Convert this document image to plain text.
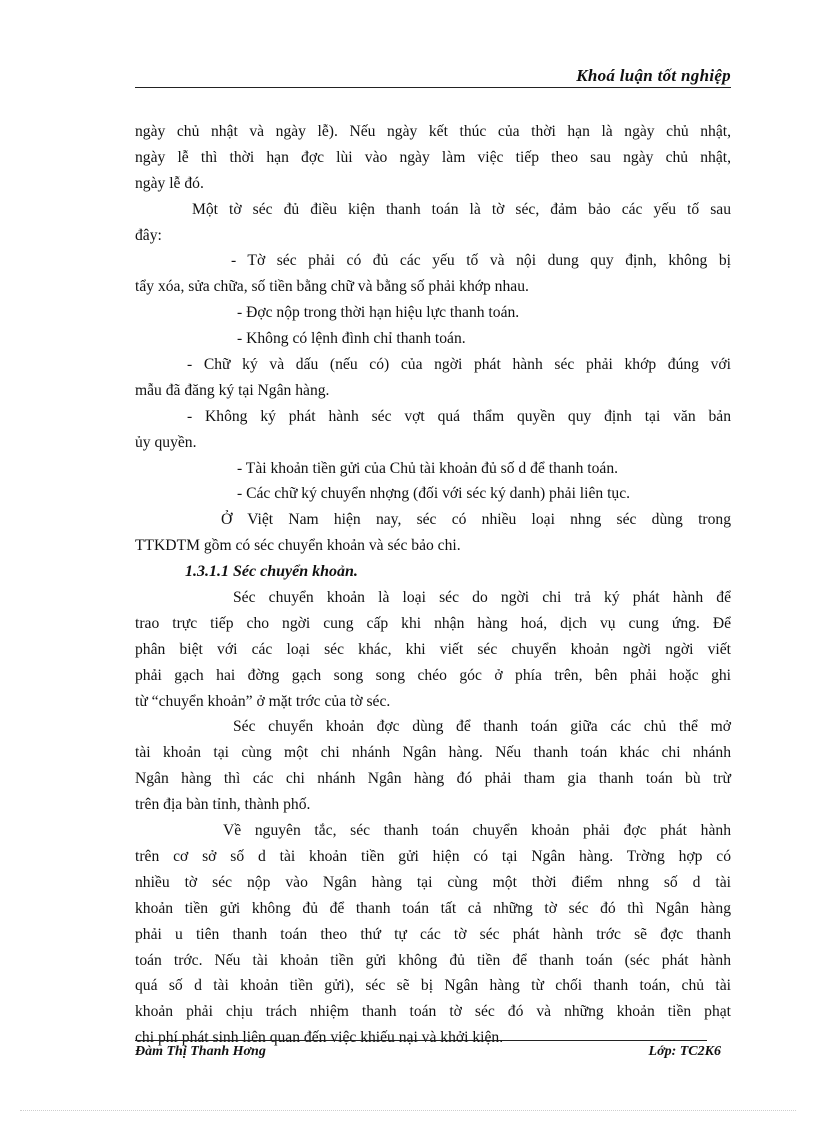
Khoá luận tốt nghiệp
ngày chủ nhật và ngày lễ). Nếu ngày kết thúc của thời hạn là ngày chủ nhật,
ngày lễ thì thời hạn đợc lùi vào ngày làm việc tiếp theo sau ngày chủ nhật,
ngày lễ đó.
Một tờ séc đủ điều kiện thanh toán là tờ séc, đảm bảo các yếu tố sau
đây:
- Tờ séc phải có đủ các yếu tố và nội dung quy định, không bị
tẩy xóa, sửa chữa, số tiền bằng chữ và bằng số phải khớp nhau.
- Đợc nộp trong thời hạn hiệu lực thanh toán.
- Không có lệnh đình chỉ thanh toán.
- Chữ ký và dấu (nếu có) của ngời phát hành séc phải khớp đúng với
mẫu đã đăng ký tại Ngân hàng.
- Không ký phát hành séc vợt quá thẩm quyền quy định tại văn bản
ủy quyền.
- Tài khoản tiền gửi của Chủ tài khoản đủ số d để thanh toán.
- Các chữ ký chuyển nhợng (đối với séc ký danh) phải liên tục.
Ở Việt Nam hiện nay, séc có nhiều loại nhng séc dùng trong
TTKDTM gồm có séc chuyển khoản và séc bảo chi.
1.3.1.1 Séc chuyển khoản.
Séc chuyển khoản là loại séc do ngời chi trả ký phát hành để
trao trực tiếp cho ngời cung cấp khi nhận hàng hoá, dịch vụ cung ứng. Để
phân biệt với các loại séc khác, khi viết séc chuyển khoản ngời ngời viết
phải gạch hai đờng gạch song song chéo góc ở phía trên, bên phải hoặc ghi
từ “chuyển khoản” ở mặt trớc của tờ séc.
Séc chuyển khoản đợc dùng để thanh toán giữa các chủ thể mở
tài khoản tại cùng một chi nhánh Ngân hàng. Nếu thanh toán khác chi nhánh
Ngân hàng thì các chi nhánh Ngân hàng đó phải tham gia thanh toán bù trừ
trên địa bàn tỉnh, thành phố.
Về nguyên tắc, séc thanh toán chuyển khoản phải đợc phát hành
trên cơ sở số d tài khoản tiền gửi hiện có tại Ngân hàng. Trờng hợp có
nhiều tờ séc nộp vào Ngân hàng tại cùng một thời điểm nhng số d tài
khoản tiền gửi không đủ để thanh toán tất cả những tờ séc đó thì Ngân hàng
phải u tiên thanh toán theo thứ tự các tờ séc phát hành trớc sẽ đợc thanh
toán trớc. Nếu tài khoản tiền gửi không đủ tiền để thanh toán (séc phát hành
quá số d tài khoản tiền gửi), séc sẽ bị Ngân hàng từ chối thanh toán, chủ tài
khoản phải chịu trách nhiệm thanh toán tờ séc đó và những khoản tiền phạt
chi phí phát sinh liên quan đến việc khiếu nại và khởi kiện.
Đàm Thị Thanh Hơng	Lớp: TC2K6
